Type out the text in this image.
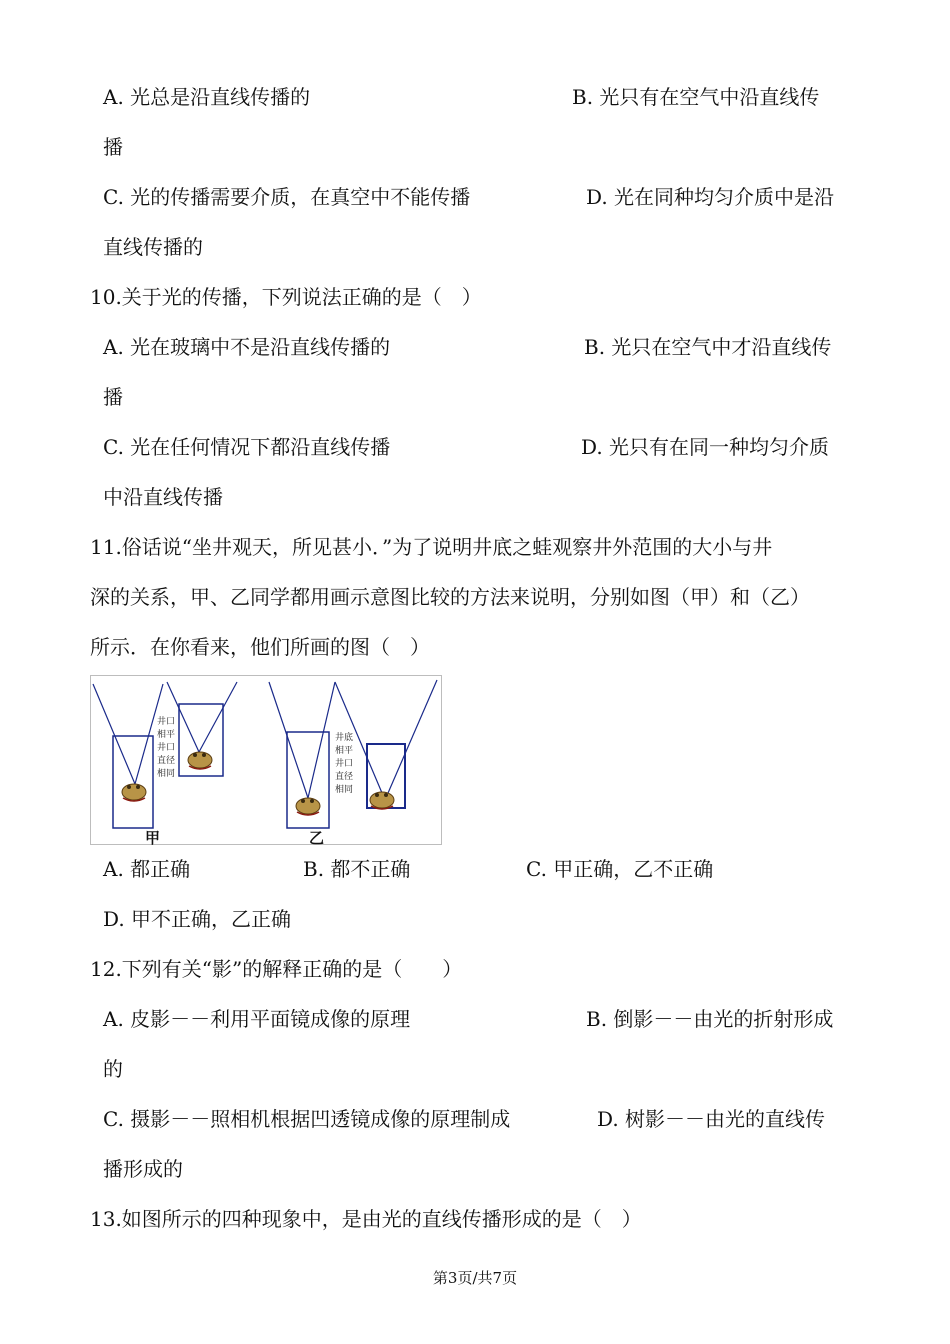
A. 光总是沿直线传播的	B. 光只有在空气中沿直线传
播
C. 光的传播需要介质，在真空中不能传播	D. 光在同种均匀介质中是沿
直线传播的
10.关于光的传播，下列说法正确的是（　）
A. 光在玻璃中不是沿直线传播的	B. 光只在空气中才沿直线传
播
C. 光在任何情况下都沿直线传播	D. 光只有在同一种均匀介质
中沿直线传播
11.俗话说“坐井观天，所见甚小．”为了说明井底之蛙观察井外范围的大小与井
深的关系，甲、乙同学都用画示意图比较的方法来说明，分别如图（甲）和（乙）
所示．在你看来，他们所画的图（　）
井口
相平
井口
直径
相同
井底
相平
井口
直径
相同
甲	乙
A. 都正确	B. 都不正确	C. 甲正确，乙不正确
D. 甲不正确，乙正确
12.下列有关“影”的解释正确的是（　　）
A. 皮影－－利用平面镜成像的原理	B. 倒影－－由光的折射形成
的
C. 摄影－－照相机根据凹透镜成像的原理制成	D. 树影－－由光的直线传
播形成的
13.如图所示的四种现象中，是由光的直线传播形成的是（　）
第3页/共7页
